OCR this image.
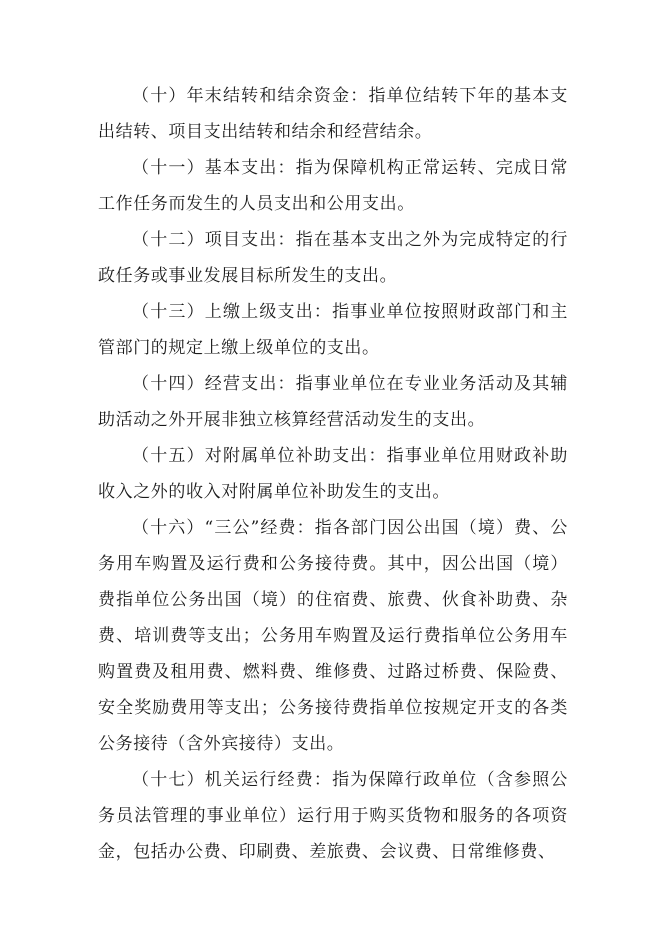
（十）年末结转和结余资金：指单位结转下年的基本支出结转、项目支出结转和结余和经营结余。

（十一）基本支出：指为保障机构正常运转、完成日常工作任务而发生的人员支出和公用支出。

（十二）项目支出：指在基本支出之外为完成特定的行政任务或事业发展目标所发生的支出。

（十三）上缴上级支出：指事业单位按照财政部门和主管部门的规定上缴上级单位的支出。

（十四）经营支出：指事业单位在专业业务活动及其辅助活动之外开展非独立核算经营活动发生的支出。

（十五）对附属单位补助支出：指事业单位用财政补助收入之外的收入对附属单位补助发生的支出。

（十六）“三公”经费：指各部门因公出国（境）费、公务用车购置及运行费和公务接待费。其中，因公出国（境）费指单位公务出国（境）的住宿费、旅费、伙食补助费、杂费、培训费等支出；公务用车购置及运行费指单位公务用车购置费及租用费、燃料费、维修费、过路过桥费、保险费、安全奖励费用等支出；公务接待费指单位按规定开支的各类公务接待（含外宾接待）支出。

（十七）机关运行经费：指为保障行政单位（含参照公务员法管理的事业单位）运行用于购买货物和服务的各项资金，包括办公费、印刷费、差旅费、会议费、日常维修费、
